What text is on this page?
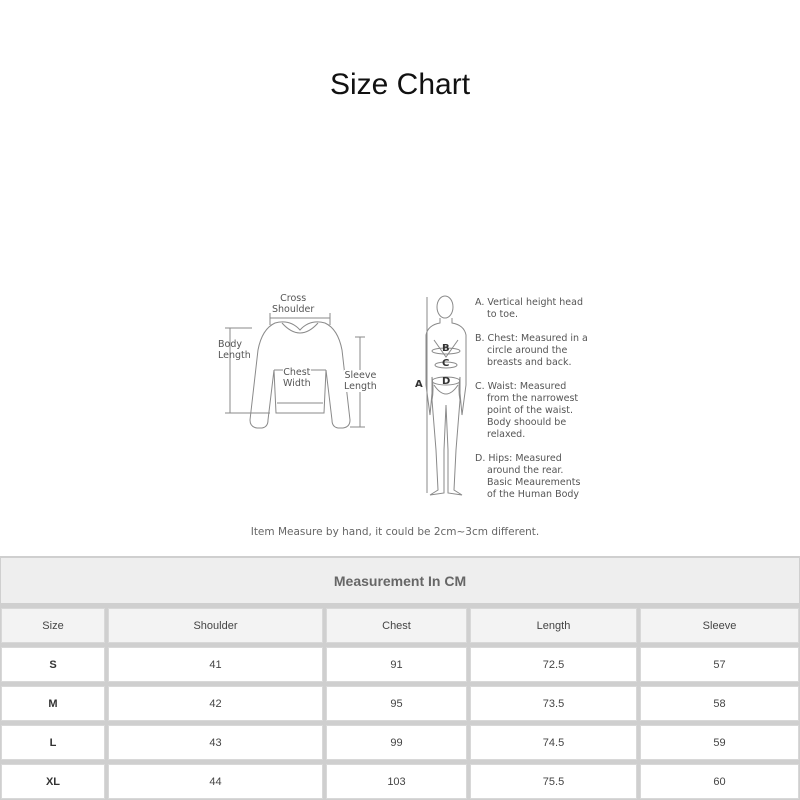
Size Chart
Cross
Shoulder
Body
Length
Chest
Width
Sleeve
Length	A
B
C
D
A. Vertical height head
to toe.
B. Chest: Measured in a
circle around the
breasts and back.
C. Waist: Measured
from the narrowest
point of the waist.
Body shoould be
relaxed.
D. Hips: Measured
around the rear.
Basic Meaurements
of the Human Body
Item Measure by hand, it could be 2cm~3cm different.
Measurement In CM
Size	Shoulder	Chest	Length	Sleeve
S	41	91	72.5	57
M	42	95	73.5	58
L	43	99	74.5	59
XL	44	103	75.5	60
